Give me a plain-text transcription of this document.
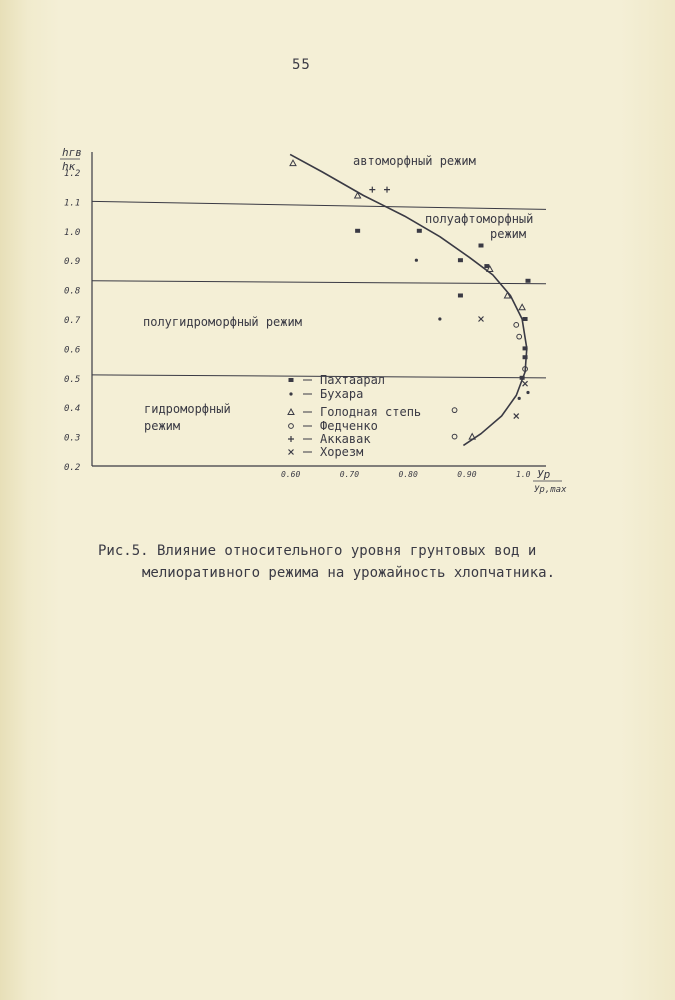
55
hгв
hк
1.2
1.1
1.0
0.9
0.8
0.7
0.6
0.5
0.4
0.3
0.2
0.60	0.70	0.80	0.90	1.0 Ур
Ур,max
автоморфный режим
полуафтоморфный
режим
полугидроморфный режим
гидроморфный
режим
Пахтаарал
Бухара
Голодная степь
Федченко
Аккавак
Хорезм
Рис.5. Влияние относительного уровня грунтовых вод и
мелиоративного режима на урожайность хлопчатника.
